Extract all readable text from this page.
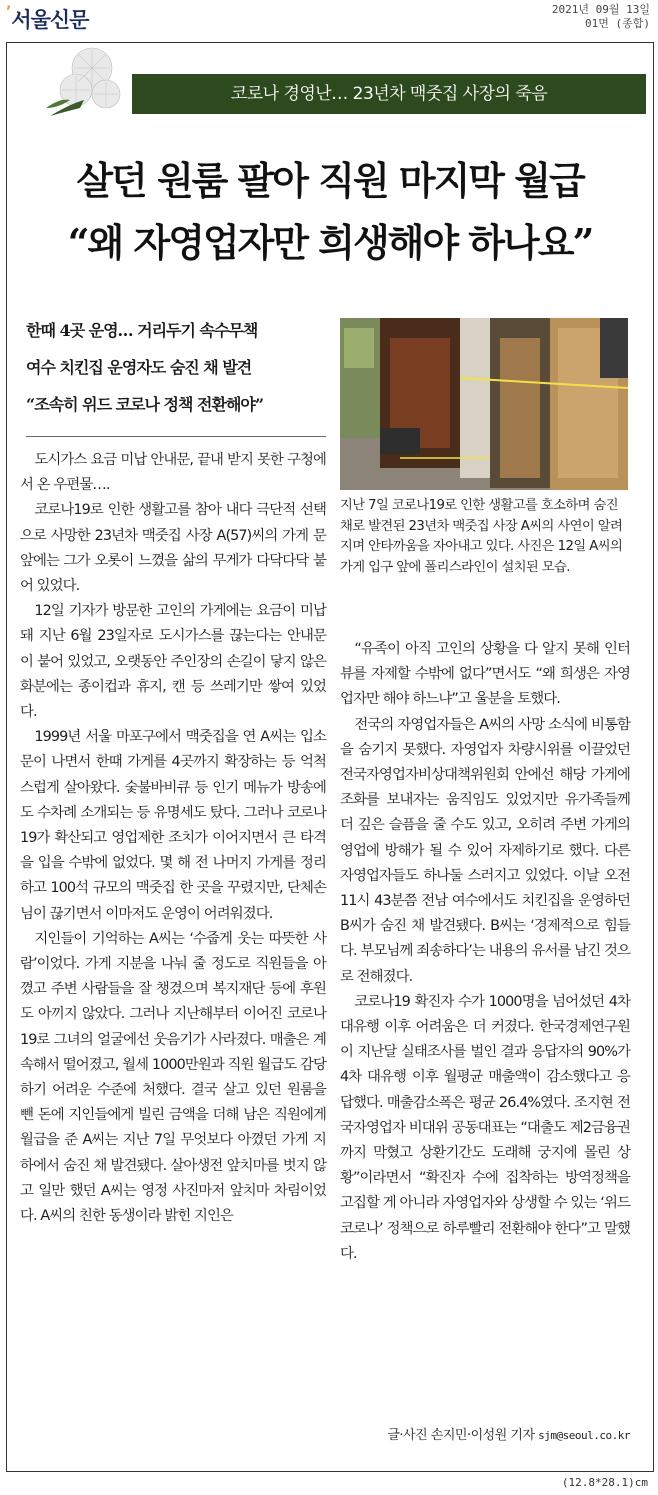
’서울신문	2021년 09월 13일
01면 (종합)
코로나 경영난… 23년차 맥줏집 사장의 죽음
살던 원룸 팔아 직원 마지막 월급
“왜 자영업자만 희생해야 하나요”
한때 4곳 운영… 거리두기 속수무책
여수 치킨집 운영자도 숨진 채 발견
“조속히 위드 코로나 정책 전환해야”
지난 7일 코로나19로 인한 생활고를 호소하며 숨진 채로 발견된 23년차 맥줏집 사장 A씨의 사연이 알려지며 안타까움을 자아내고 있다. 사진은 12일 A씨의 가게 입구 앞에 폴리스라인이 설치된 모습.

도시가스 요금 미납 안내문, 끝내 받지 못한 구청에서 온 우편물….

코로나19로 인한 생활고를 참아 내다 극단적 선택으로 사망한 23년차 맥줏집 사장 A(57)씨의 가게 문 앞에는 그가 오롯이 느꼈을 삶의 무게가 다닥다닥 붙어 있었다.

12일 기자가 방문한 고인의 가게에는 요금이 미납돼 지난 6월 23일자로 도시가스를 끊는다는 안내문이 붙어 있었고, 오랫동안 주인장의 손길이 닿지 않은 화분에는 종이컵과 휴지, 캔 등 쓰레기만 쌓여 있었다.

1999년 서울 마포구에서 맥줏집을 연 A씨는 입소문이 나면서 한때 가게를 4곳까지 확장하는 등 억척스럽게 살아왔다. 숯불바비큐 등 인기 메뉴가 방송에도 수차례 소개되는 등 유명세도 탔다. 그러나 코로나19가 확산되고 영업제한 조치가 이어지면서 큰 타격을 입을 수밖에 없었다. 몇 해 전 나머지 가게를 정리하고 100석 규모의 맥줏집 한 곳을 꾸렸지만, 단체손님이 끊기면서 이마저도 운영이 어려워졌다.

지인들이 기억하는 A씨는 ‘수줍게 웃는 따뜻한 사람’이었다. 가게 지분을 나눠 줄 정도로 직원들을 아꼈고 주변 사람들을 잘 챙겼으며 복지재단 등에 후원도 아끼지 않았다. 그러나 지난해부터 이어진 코로나19로 그녀의 얼굴에선 웃음기가 사라졌다. 매출은 계속해서 떨어졌고, 월세 1000만원과 직원 월급도 감당하기 어려운 수준에 처했다. 결국 살고 있던 원룸을 뺀 돈에 지인들에게 빌린 금액을 더해 남은 직원에게 월급을 준 A씨는 지난 7일 무엇보다 아꼈던 가게 지하에서 숨진 채 발견됐다. 살아생전 앞치마를 벗지 않고 일만 했던 A씨는 영정 사진마저 앞치마 차림이었다. A씨의 친한 동생이라 밝힌 지인은

“유족이 아직 고인의 상황을 다 알지 못해 인터뷰를 자제할 수밖에 없다”면서도 “왜 희생은 자영업자만 해야 하느냐”고 울분을 토했다.

전국의 자영업자들은 A씨의 사망 소식에 비통함을 숨기지 못했다. 자영업자 차량시위를 이끌었던 전국자영업자비상대책위원회 안에선 해당 가게에 조화를 보내자는 움직임도 있었지만 유가족들께 더 깊은 슬픔을 줄 수도 있고, 오히려 주변 가게의 영업에 방해가 될 수 있어 자제하기로 했다. 다른 자영업자들도 하나둘 스러지고 있었다. 이날 오전 11시 43분쯤 전남 여수에서도 치킨집을 운영하던 B씨가 숨진 채 발견됐다. B씨는 ‘경제적으로 힘들다. 부모님께 죄송하다’는 내용의 유서를 남긴 것으로 전해졌다.

코로나19 확진자 수가 1000명을 넘어섰던 4차 대유행 이후 어려움은 더 커졌다. 한국경제연구원이 지난달 실태조사를 벌인 결과 응답자의 90%가 4차 대유행 이후 월평균 매출액이 감소했다고 응답했다. 매출감소폭은 평균 26.4%였다. 조지현 전국자영업자 비대위 공동대표는 “대출도 제2금융권까지 막혔고 상환기간도 도래해 궁지에 몰린 상황”이라면서 “확진자 수에 집착하는 방역정책을 고집할 게 아니라 자영업자와 상생할 수 있는 ‘위드 코로나’ 정책으로 하루빨리 전환해야 한다”고 말했다.

글·사진 손지민·이성원 기자 sjm@seoul.co.kr
(12.8*28.1)cm
